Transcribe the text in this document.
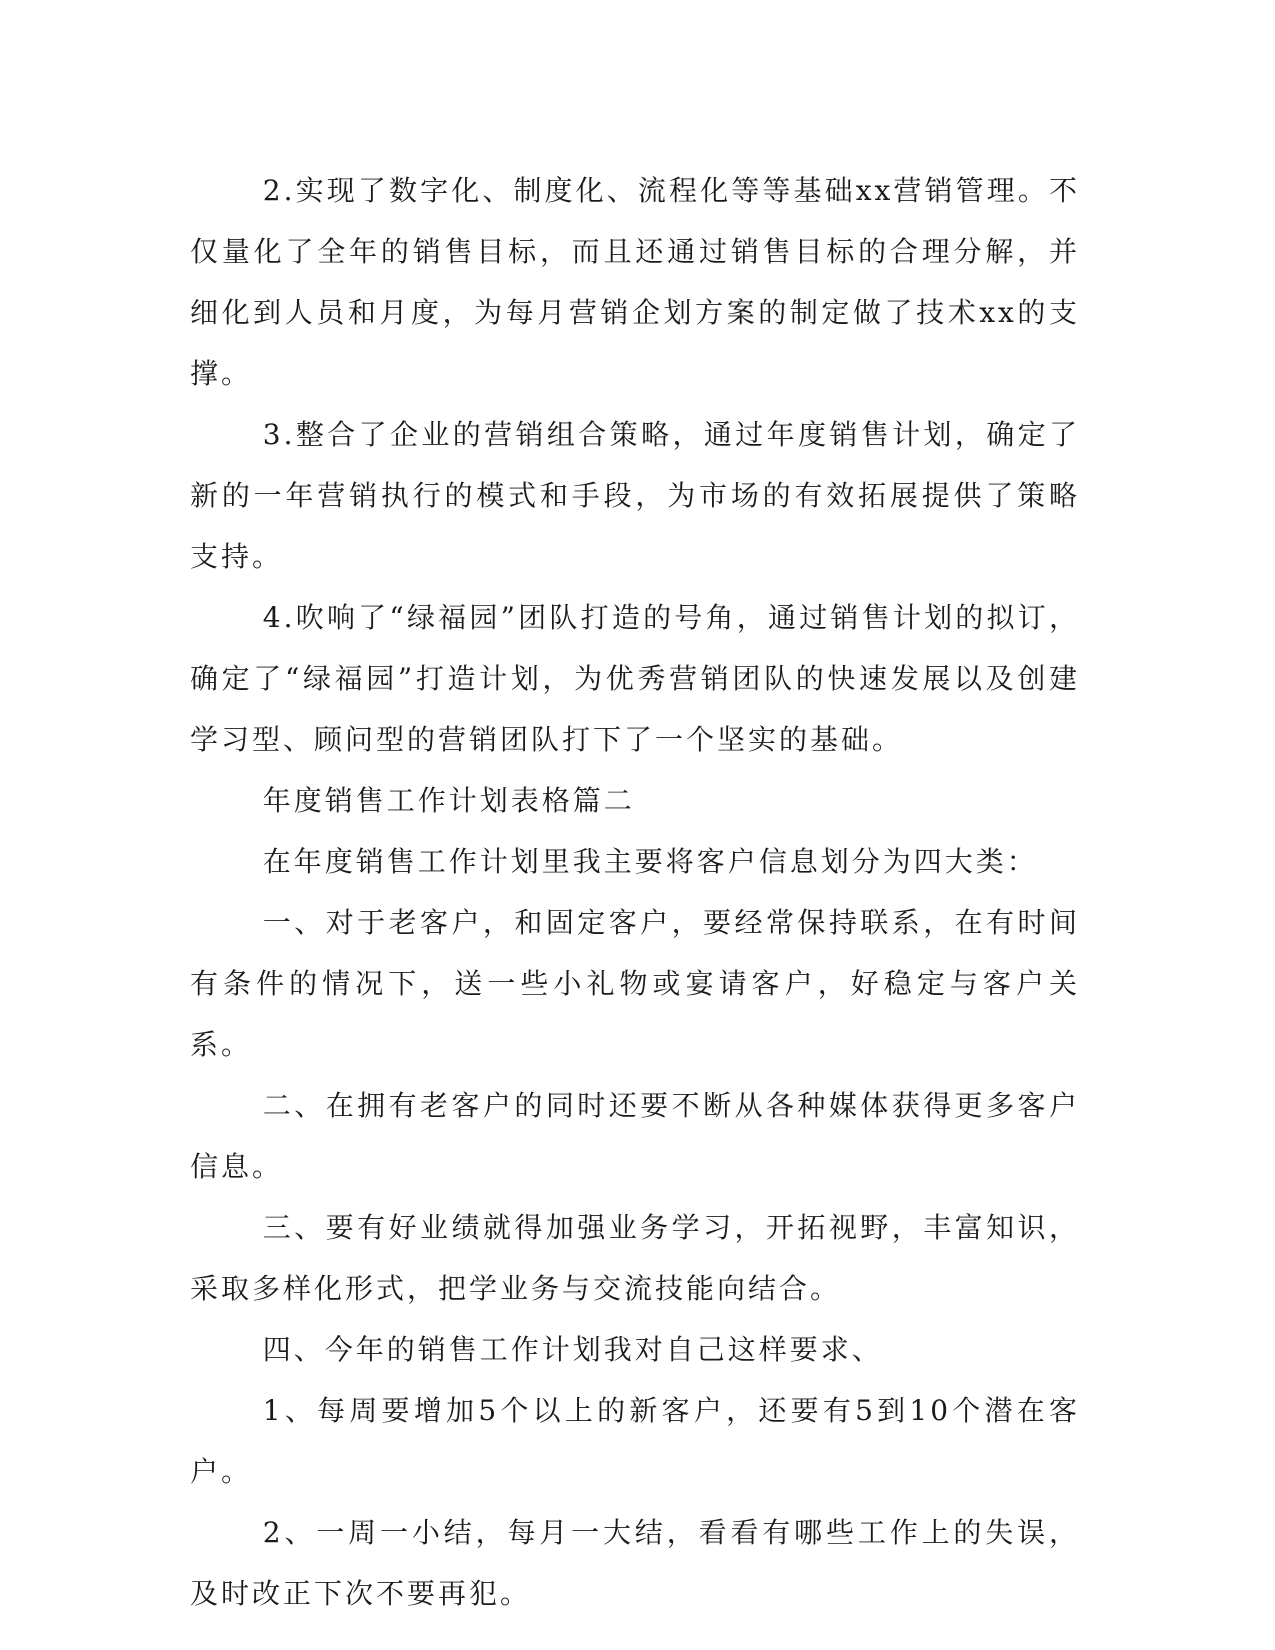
2.实现了数字化、制度化、流程化等等基础xx营销管理。不仅量化了全年的销售目标，而且还通过销售目标的合理分解，并细化到人员和月度，为每月营销企划方案的制定做了技术xx的支撑。

3.整合了企业的营销组合策略，通过年度销售计划，确定了新的一年营销执行的模式和手段，为市场的有效拓展提供了策略支持。

4.吹响了“绿福园”团队打造的号角，通过销售计划的拟订，确定了“绿福园”打造计划，为优秀营销团队的快速发展以及创建学习型、顾问型的营销团队打下了一个坚实的基础。

年度销售工作计划表格篇二

在年度销售工作计划里我主要将客户信息划分为四大类：

一、对于老客户，和固定客户，要经常保持联系，在有时间有条件的情况下，送一些小礼物或宴请客户，好稳定与客户关系。

二、在拥有老客户的同时还要不断从各种媒体获得更多客户信息。

三、要有好业绩就得加强业务学习，开拓视野，丰富知识，采取多样化形式，把学业务与交流技能向结合。

四、今年的销售工作计划我对自己这样要求、

1、每周要增加5个以上的新客户，还要有5到10个潜在客户。

2、一周一小结，每月一大结，看看有哪些工作上的失误，及时改正下次不要再犯。
